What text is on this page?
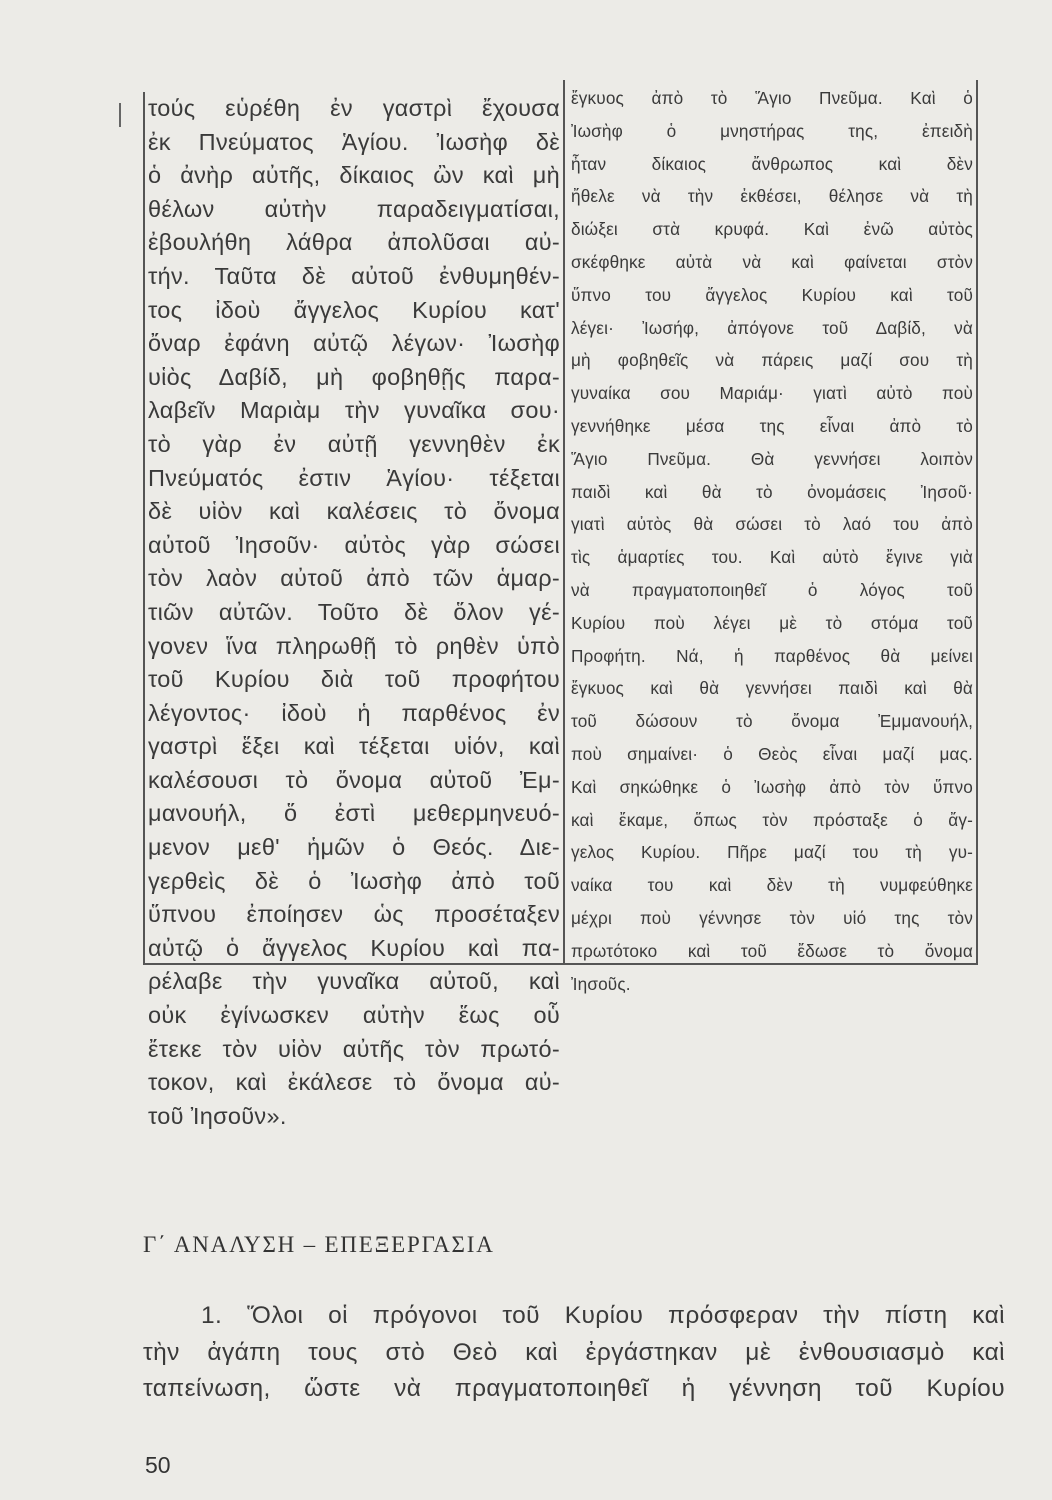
τούς εὑρέθη ἐν γαστρὶ ἔχουσα
ἐκ Πνεύματος Ἁγίου. Ἰωσὴφ δὲ
ὁ ἀνὴρ αὐτῆς, δίκαιος ὢν καὶ μὴ
θέλων αὐτὴν παραδειγματίσαι,
ἐβουλήθη λάθρα ἀπολῦσαι αὐ-
τήν. Ταῦτα δὲ αὐτοῦ ἐνθυμηθέν-
τος ἰδοὺ ἄγγελος Κυρίου κατ'
ὄναρ ἐφάνη αὐτῷ λέγων· Ἰωσὴφ
υἱὸς Δαβίδ, μὴ φοβηθῇς παρα-
λαβεῖν Μαριὰμ τὴν γυναῖκα σου·
τὸ γὰρ ἐν αὐτῇ γεννηθὲν ἐκ
Πνεύματός ἐστιν Ἁγίου· τέξεται
δὲ υἱὸν καὶ καλέσεις τὸ ὄνομα
αὐτοῦ Ἰησοῦν· αὐτὸς γὰρ σώσει
τὸν λαὸν αὐτοῦ ἀπὸ τῶν ἁμαρ-
τιῶν αὐτῶν. Τοῦτο δὲ ὅλον γέ-
γονεν ἵνα πληρωθῇ τὸ ρηθὲν ὑπὸ
τοῦ Κυρίου διὰ τοῦ προφήτου
λέγοντος· ἰδοὺ ἡ παρθένος ἐν
γαστρὶ ἕξει καὶ τέξεται υἱόν, καὶ
καλέσουσι τὸ ὄνομα αὐτοῦ Ἐμ-
μανουήλ, ὅ ἐστὶ μεθερμηνευό-
μενον μεθ' ἡμῶν ὁ Θεός. Διε-
γερθεὶς δὲ ὁ Ἰωσὴφ ἀπὸ τοῦ
ὕπνου ἐποίησεν ὡς προσέταξεν
αὐτῷ ὁ ἄγγελος Κυρίου καὶ πα-
ρέλαβε τὴν γυναῖκα αὐτοῦ, καὶ
οὐκ ἐγίνωσκεν αὐτὴν ἕως οὗ
ἔτεκε τὸν υἱὸν αὐτῆς τὸν πρωτό-
τοκον, καὶ ἐκάλεσε τὸ ὄνομα αὐ-
τοῦ Ἰησοῦν».
ἔγκυος ἀπὸ τὸ Ἅγιο Πνεῦμα. Καὶ ὁ
Ἰωσὴφ ὁ μνηστήρας της, ἐπειδὴ
ἦταν δίκαιος ἄνθρωπος καὶ δὲν
ἤθελε νὰ τὴν ἐκθέσει, θέλησε νὰ τὴ
διώξει στὰ κρυφά. Καὶ ἐνῶ αὐτὸς
σκέφθηκε αὐτὰ νὰ καὶ φαίνεται στὸν
ὕπνο του ἄγγελος Κυρίου καὶ τοῦ
λέγει· Ἰωσήφ, ἀπόγονε τοῦ Δαβίδ, νὰ
μὴ φοβηθεῖς νὰ πάρεις μαζί σου τὴ
γυναίκα σου Μαριάμ· γιατὶ αὐτὸ ποὺ
γεννήθηκε μέσα της εἶναι ἀπὸ τὸ
Ἅγιο Πνεῦμα. Θὰ γεννήσει λοιπὸν
παιδὶ καὶ θὰ τὸ ὀνομάσεις Ἰησοῦ·
γιατὶ αὐτὸς θὰ σώσει τὸ λαό του ἀπὸ
τὶς ἁμαρτίες του. Καὶ αὐτὸ ἔγινε γιὰ
νὰ πραγματοποιηθεῖ ὁ λόγος τοῦ
Κυρίου ποὺ λέγει μὲ τὸ στόμα τοῦ
Προφήτη. Νά, ἡ παρθένος θὰ μείνει
ἔγκυος καὶ θὰ γεννήσει παιδὶ καὶ θὰ
τοῦ δώσουν τὸ ὄνομα Ἐμμανουήλ,
ποὺ σημαίνει· ὁ Θεὸς εἶναι μαζί μας.
Καὶ σηκώθηκε ὁ Ἰωσὴφ ἀπὸ τὸν ὕπνο
καὶ ἔκαμε, ὅπως τὸν πρόσταξε ὁ ἄγ-
γελος Κυρίου. Πῆρε μαζί του τὴ γυ-
ναίκα του καὶ δὲν τὴ νυμφεύθηκε
μέχρι ποὺ γέννησε τὸν υἱό της τὸν
πρωτότοκο καὶ τοῦ ἔδωσε τὸ ὄνομα
Ἰησοῦς.
Γ΄ ΑΝΑΛΥΣΗ – ΕΠΕΞΕΡΓΑΣΙΑ
1. Ὅλοι οἱ πρόγονοι τοῦ Κυρίου πρόσφεραν τὴν πίστη καὶ
τὴν ἀγάπη τους στὸ Θεὸ καὶ ἐργάστηκαν μὲ ἐνθουσιασμὸ καὶ
ταπείνωση, ὥστε νὰ πραγματοποιηθεῖ ἡ γέννηση τοῦ Κυρίου
50
